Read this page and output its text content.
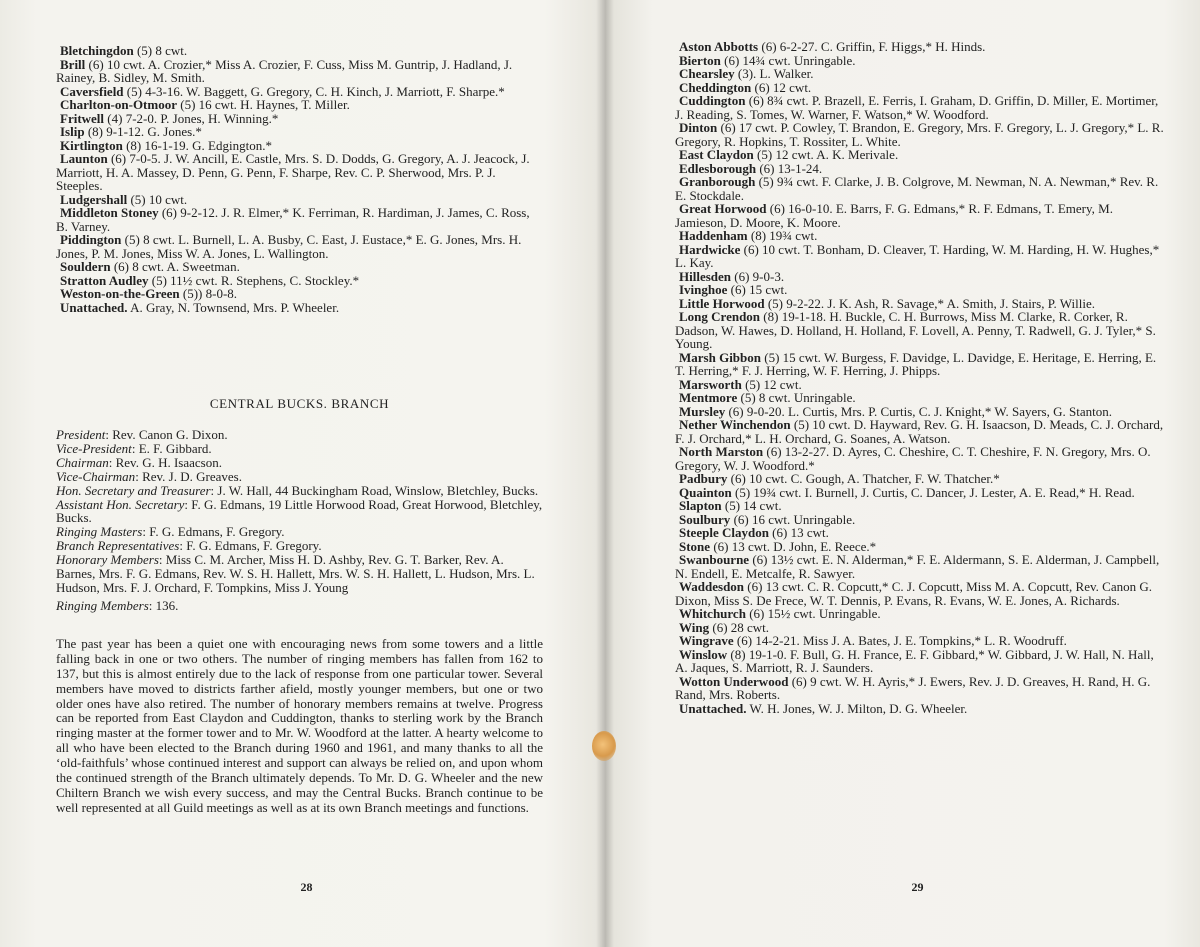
Bletchingdon (5) 8 cwt.

Brill (6) 10 cwt. A. Crozier,* Miss A. Crozier, F. Cuss, Miss M. Guntrip, J. Hadland, J. Rainey, B. Sidley, M. Smith.

Caversfield (5) 4-3-16. W. Baggett, G. Gregory, C. H. Kinch, J. Marriott, F. Sharpe.*

Charlton-on-Otmoor (5) 16 cwt. H. Haynes, T. Miller.

Fritwell (4) 7-2-0. P. Jones, H. Winning.*

Islip (8) 9-1-12. G. Jones.*

Kirtlington (8) 16-1-19. G. Edgington.*

Launton (6) 7-0-5. J. W. Ancill, E. Castle, Mrs. S. D. Dodds, G. Gregory, A. J. Jeacock, J. Marriott, H. A. Massey, D. Penn, G. Penn, F. Sharpe, Rev. C. P. Sherwood, Mrs. P. J. Steeples.

Ludgershall (5) 10 cwt.

Middleton Stoney (6) 9-2-12. J. R. Elmer,* K. Ferriman, R. Hardiman, J. James, C. Ross, B. Varney.

Piddington (5) 8 cwt. L. Burnell, L. A. Busby, C. East, J. Eustace,* E. G. Jones, Mrs. H. Jones, P. M. Jones, Miss W. A. Jones, L. Wallington.

Souldern (6) 8 cwt. A. Sweetman.

Stratton Audley (5) 11½ cwt. R. Stephens, C. Stockley.*

Weston-on-the-Green (5)) 8-0-8.

Unattached. A. Gray, N. Townsend, Mrs. P. Wheeler.

CENTRAL BUCKS. BRANCH

President: Rev. Canon G. Dixon.

Vice-President: E. F. Gibbard.

Chairman: Rev. G. H. Isaacson.

Vice-Chairman: Rev. J. D. Greaves.

Hon. Secretary and Treasurer: J. W. Hall, 44 Buckingham Road, Winslow, Bletchley, Bucks.

Assistant Hon. Secretary: F. G. Edmans, 19 Little Horwood Road, Great Horwood, Bletchley, Bucks.

Ringing Masters: F. G. Edmans, F. Gregory.

Branch Representatives: F. G. Edmans, F. Gregory.

Honorary Members: Miss C. M. Archer, Miss H. D. Ashby, Rev. G. T. Barker, Rev. A. Barnes, Mrs. F. G. Edmans, Rev. W. S. H. Hallett, Mrs. W. S. H. Hallett, L. Hudson, Mrs. L. Hudson, Mrs. F. J. Orchard, F. Tompkins, Miss J. Young

Ringing Members: 136.

The past year has been a quiet one with encouraging news from some towers and a little falling back in one or two others. The number of ringing members has fallen from 162 to 137, but this is almost entirely due to the lack of response from one particular tower. Several members have moved to districts farther afield, mostly younger members, but one or two older ones have also retired. The number of honorary members remains at twelve. Progress can be reported from East Claydon and Cuddington, thanks to sterling work by the Branch ringing master at the former tower and to Mr. W. Woodford at the latter. A hearty welcome to all who have been elected to the Branch during 1960 and 1961, and many thanks to all the ‘old-faithfuls’ whose continued interest and support can always be relied on, and upon whom the continued strength of the Branch ultimately depends. To Mr. D. G. Wheeler and the new Chiltern Branch we wish every success, and may the Central Bucks. Branch continue to be well represented at all Guild meetings as well as at its own Branch meetings and functions.

28

Aston Abbotts (6) 6-2-27. C. Griffin, F. Higgs,* H. Hinds.

Bierton (6) 14¾ cwt. Unringable.

Chearsley (3). L. Walker.

Cheddington (6) 12 cwt.

Cuddington (6) 8¾ cwt. P. Brazell, E. Ferris, I. Graham, D. Griffin, D. Miller, E. Mortimer, J. Reading, S. Tomes, W. Warner, F. Watson,* W. Woodford.

Dinton (6) 17 cwt. P. Cowley, T. Brandon, E. Gregory, Mrs. F. Gregory, L. J. Gregory,* L. R. Gregory, R. Hopkins, T. Rossiter, L. White.

East Claydon (5) 12 cwt. A. K. Merivale.

Edlesborough (6) 13-1-24.

Granborough (5) 9¾ cwt. F. Clarke, J. B. Colgrove, M. Newman, N. A. Newman,* Rev. R. E. Stockdale.

Great Horwood (6) 16-0-10. E. Barrs, F. G. Edmans,* R. F. Edmans, T. Emery, M. Jamieson, D. Moore, K. Moore.

Haddenham (8) 19¾ cwt.

Hardwicke (6) 10 cwt. T. Bonham, D. Cleaver, T. Harding, W. M. Harding, H. W. Hughes,* L. Kay.

Hillesden (6) 9-0-3.

Ivinghoe (6) 15 cwt.

Little Horwood (5) 9-2-22. J. K. Ash, R. Savage,* A. Smith, J. Stairs, P. Willie.

Long Crendon (8) 19-1-18. H. Buckle, C. H. Burrows, Miss M. Clarke, R. Corker, R. Dadson, W. Hawes, D. Holland, H. Holland, F. Lovell, A. Penny, T. Radwell, G. J. Tyler,* S. Young.

Marsh Gibbon (5) 15 cwt. W. Burgess, F. Davidge, L. Davidge, E. Heritage, E. Herring, E. T. Herring,* F. J. Herring, W. F. Herring, J. Phipps.

Marsworth (5) 12 cwt.

Mentmore (5) 8 cwt. Unringable.

Mursley (6) 9-0-20. L. Curtis, Mrs. P. Curtis, C. J. Knight,* W. Sayers, G. Stanton.

Nether Winchendon (5) 10 cwt. D. Hayward, Rev. G. H. Isaacson, D. Meads, C. J. Orchard, F. J. Orchard,* L. H. Orchard, G. Soanes, A. Watson.

North Marston (6) 13-2-27. D. Ayres, C. Cheshire, C. T. Cheshire, F. N. Gregory, Mrs. O. Gregory, W. J. Woodford.*

Padbury (6) 10 cwt. C. Gough, A. Thatcher, F. W. Thatcher.*

Quainton (5) 19¾ cwt. I. Burnell, J. Curtis, C. Dancer, J. Lester, A. E. Read,* H. Read.

Slapton (5) 14 cwt.

Soulbury (6) 16 cwt. Unringable.

Steeple Claydon (6) 13 cwt.

Stone (6) 13 cwt. D. John, E. Reece.*

Swanbourne (6) 13½ cwt. E. N. Alderman,* F. E. Aldermann, S. E. Alderman, J. Campbell, N. Endell, E. Metcalfe, R. Sawyer.

Waddesdon (6) 13 cwt. C. R. Copcutt,* C. J. Copcutt, Miss M. A. Copcutt, Rev. Canon G. Dixon, Miss S. De Frece, W. T. Dennis, P. Evans, R. Evans, W. E. Jones, A. Richards.

Whitchurch (6) 15½ cwt. Unringable.

Wing (6) 28 cwt.

Wingrave (6) 14-2-21. Miss J. A. Bates, J. E. Tompkins,* L. R. Woodruff.

Winslow (8) 19-1-0. F. Bull, G. H. France, E. F. Gibbard,* W. Gibbard, J. W. Hall, N. Hall, A. Jaques, S. Marriott, R. J. Saunders.

Wotton Underwood (6) 9 cwt. W. H. Ayris,* J. Ewers, Rev. J. D. Greaves, H. Rand, H. G. Rand, Mrs. Roberts.

Unattached. W. H. Jones, W. J. Milton, D. G. Wheeler.

29
